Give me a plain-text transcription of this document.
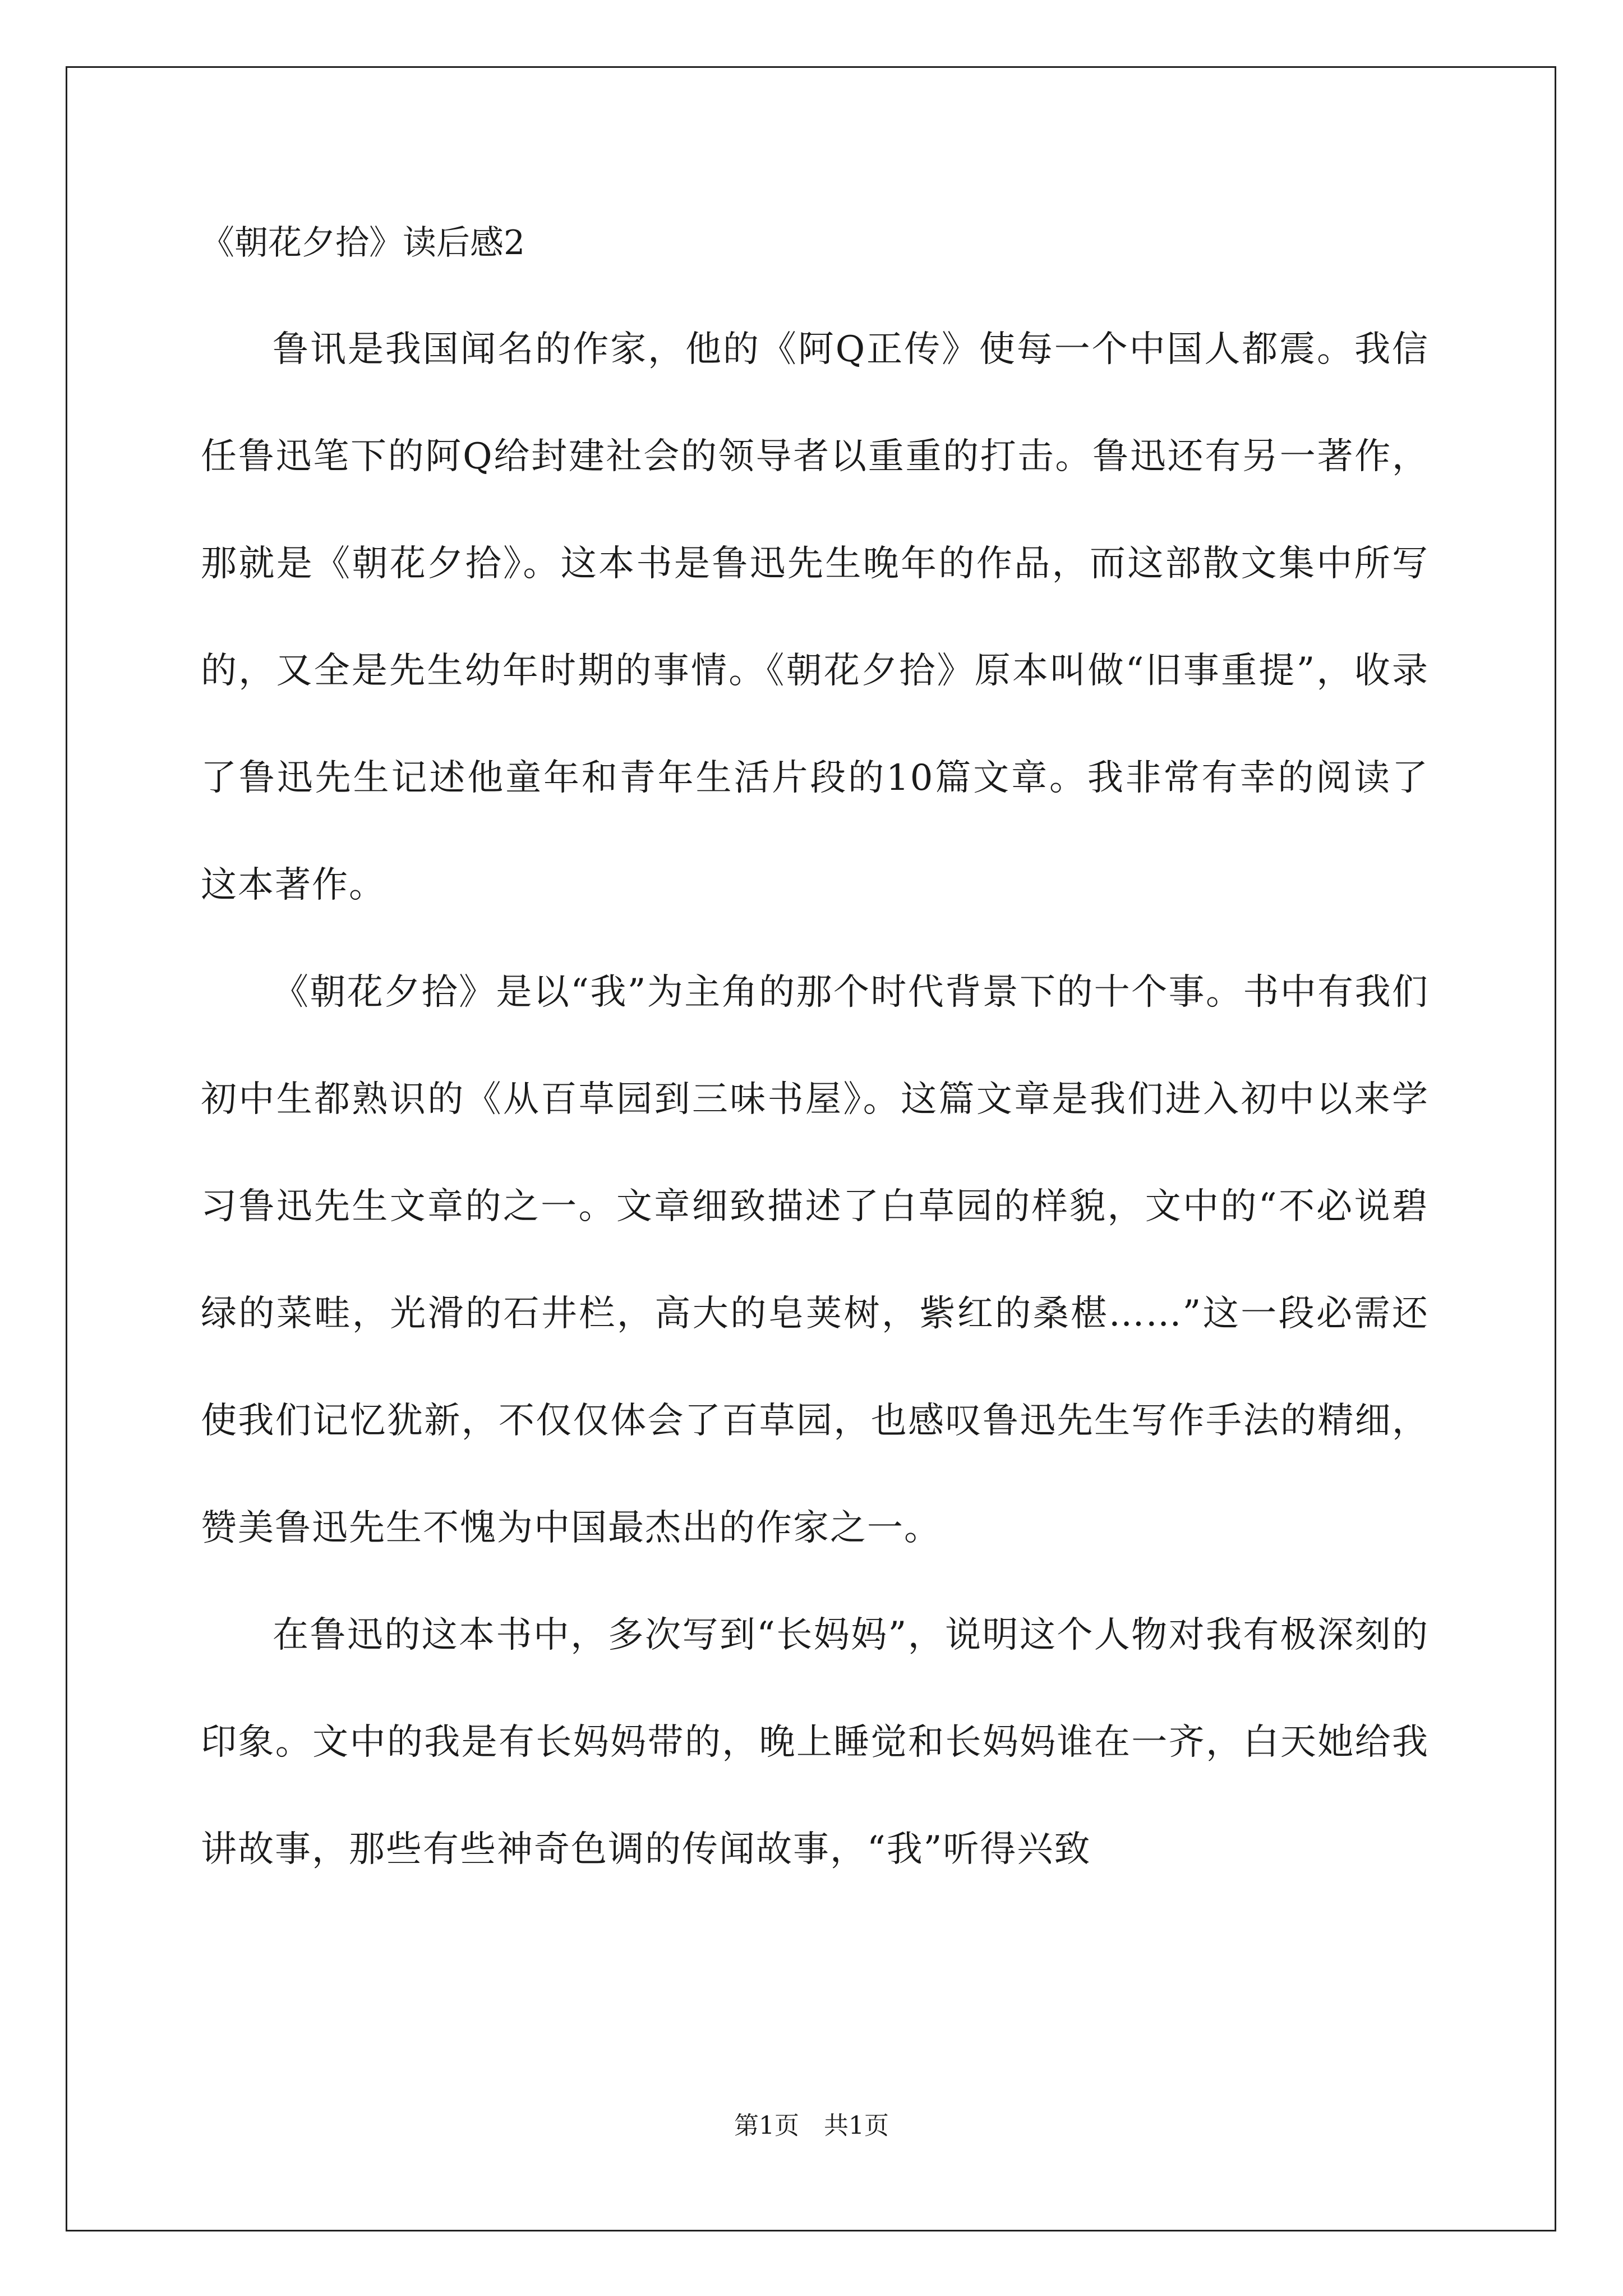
《朝花夕拾》读后感2

鲁讯是我国闻名的作家，他的《阿Q正传》使每一个中国人都震。我信任鲁迅笔下的阿Q给封建社会的领导者以重重的打击。鲁迅还有另一著作，那就是《朝花夕拾》。这本书是鲁迅先生晚年的作品，而这部散文集中所写的，又全是先生幼年时期的事情。《朝花夕拾》原本叫做“旧事重提”，收录了鲁迅先生记述他童年和青年生活片段的10篇文章。我非常有幸的阅读了这本著作。

《朝花夕拾》是以“我”为主角的那个时代背景下的十个事。书中有我们初中生都熟识的《从百草园到三味书屋》。这篇文章是我们进入初中以来学习鲁迅先生文章的之一。文章细致描述了白草园的样貌，文中的“不必说碧绿的菜畦，光滑的石井栏，高大的皂荚树，紫红的桑椹……”这一段必需还使我们记忆犹新，不仅仅体会了百草园，也感叹鲁迅先生写作手法的精细，赞美鲁迅先生不愧为中国最杰出的作家之一。

在鲁迅的这本书中，多次写到“长妈妈”，说明这个人物对我有极深刻的印象。文中的我是有长妈妈带的，晚上睡觉和长妈妈谁在一齐，白天她给我讲故事，那些有些神奇色调的传闻故事，“我”听得兴致

第1页　共1页
